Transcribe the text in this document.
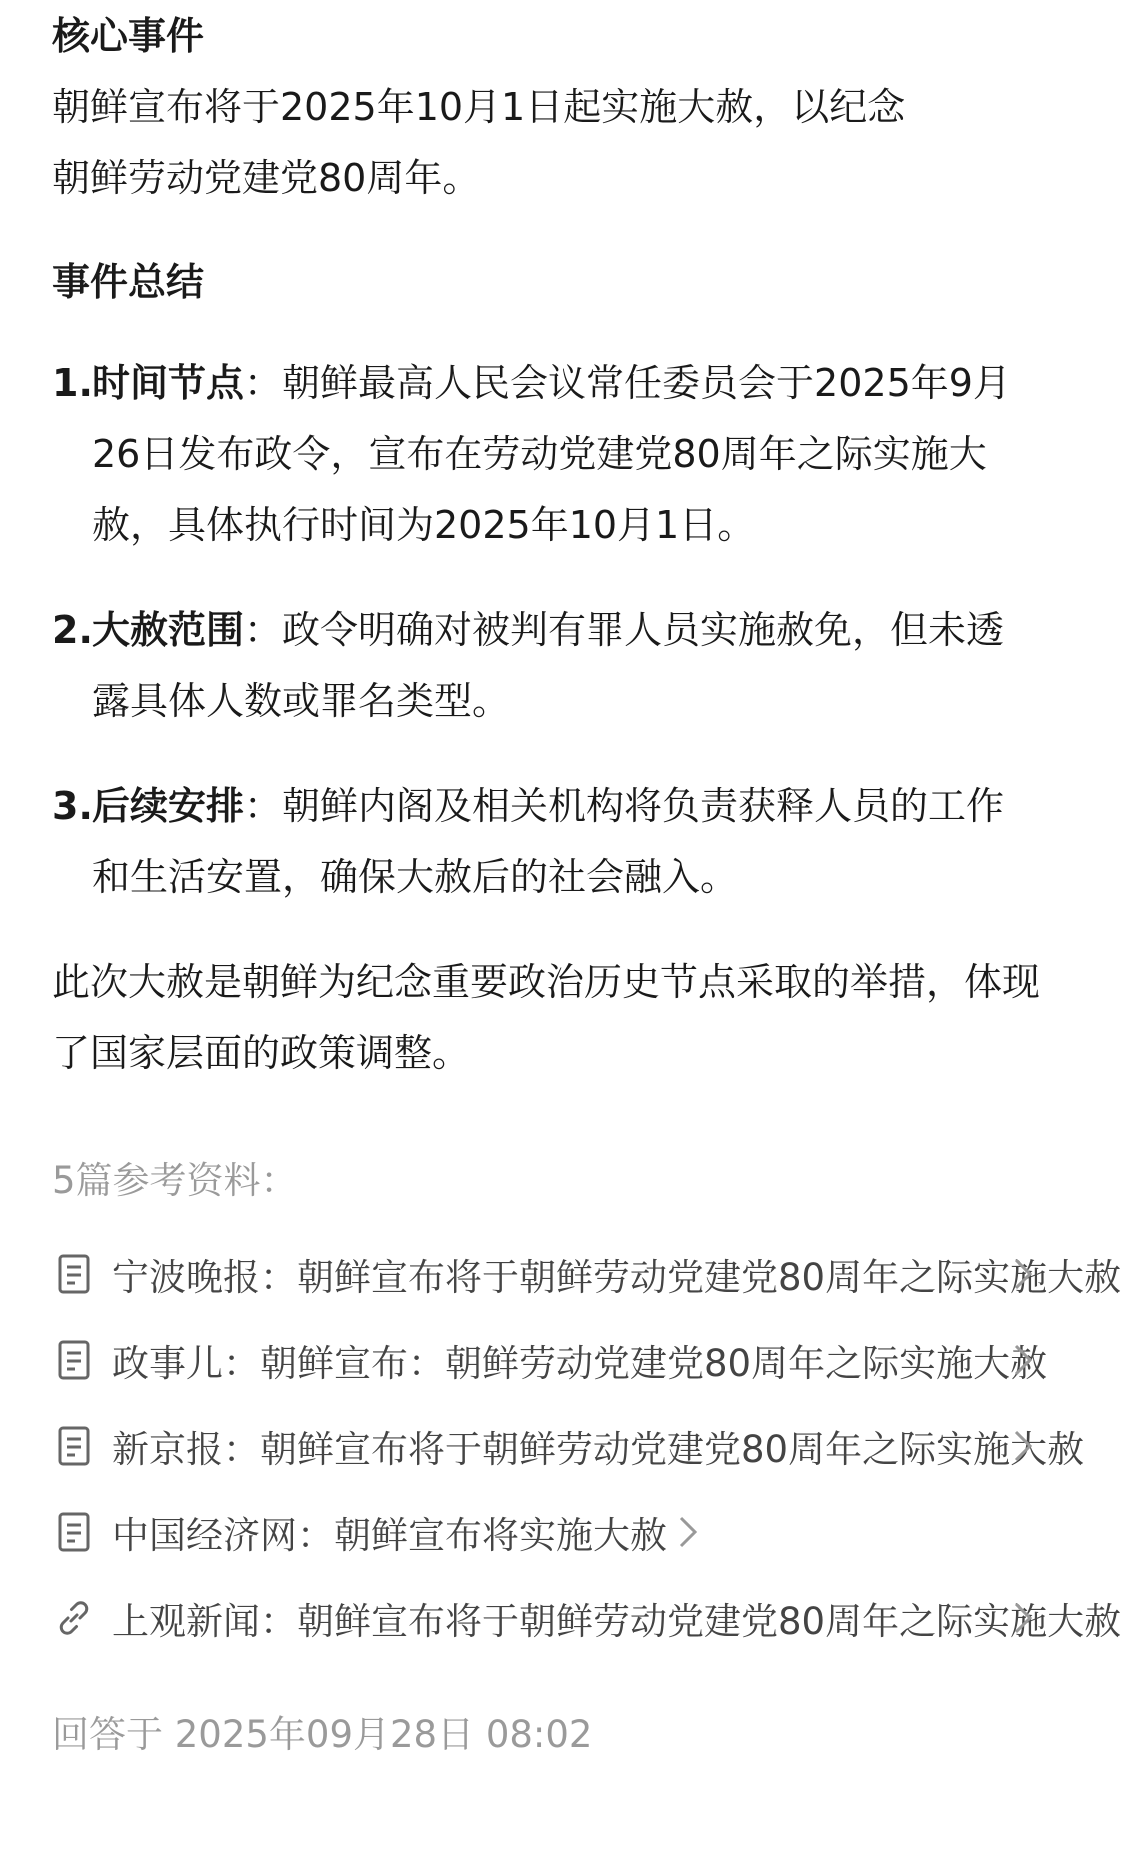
核心事件

朝鲜宣布将于2025年10月1日起实施大赦，以纪念

朝鲜劳动党建党80周年。

事件总结

1. 时间节点：朝鲜最高人民会议常任委员会于2025年9月26日发布政令，宣布在劳动党建党80周年之际实施大赦，具体执行时间为2025年10月1日。
2. 大赦范围：政令明确对被判有罪人员实施赦免，但未透露具体人数或罪名类型。
3. 后续安排：朝鲜内阁及相关机构将负责获释人员的工作和生活安置，确保大赦后的社会融入。

此次大赦是朝鲜为纪念重要政治历史节点采取的举措，体现了国家层面的政策调整。

5篇参考资料：
宁波晚报：朝鲜宣布将于朝鲜劳动党建党80周年之际实施大赦
政事儿：朝鲜宣布：朝鲜劳动党建党80周年之际实施大赦
新京报：朝鲜宣布将于朝鲜劳动党建党80周年之际实施大赦
中国经济网：朝鲜宣布将实施大赦
上观新闻：朝鲜宣布将于朝鲜劳动党建党80周年之际实施大赦
回答于 2025年09月28日 08:02
